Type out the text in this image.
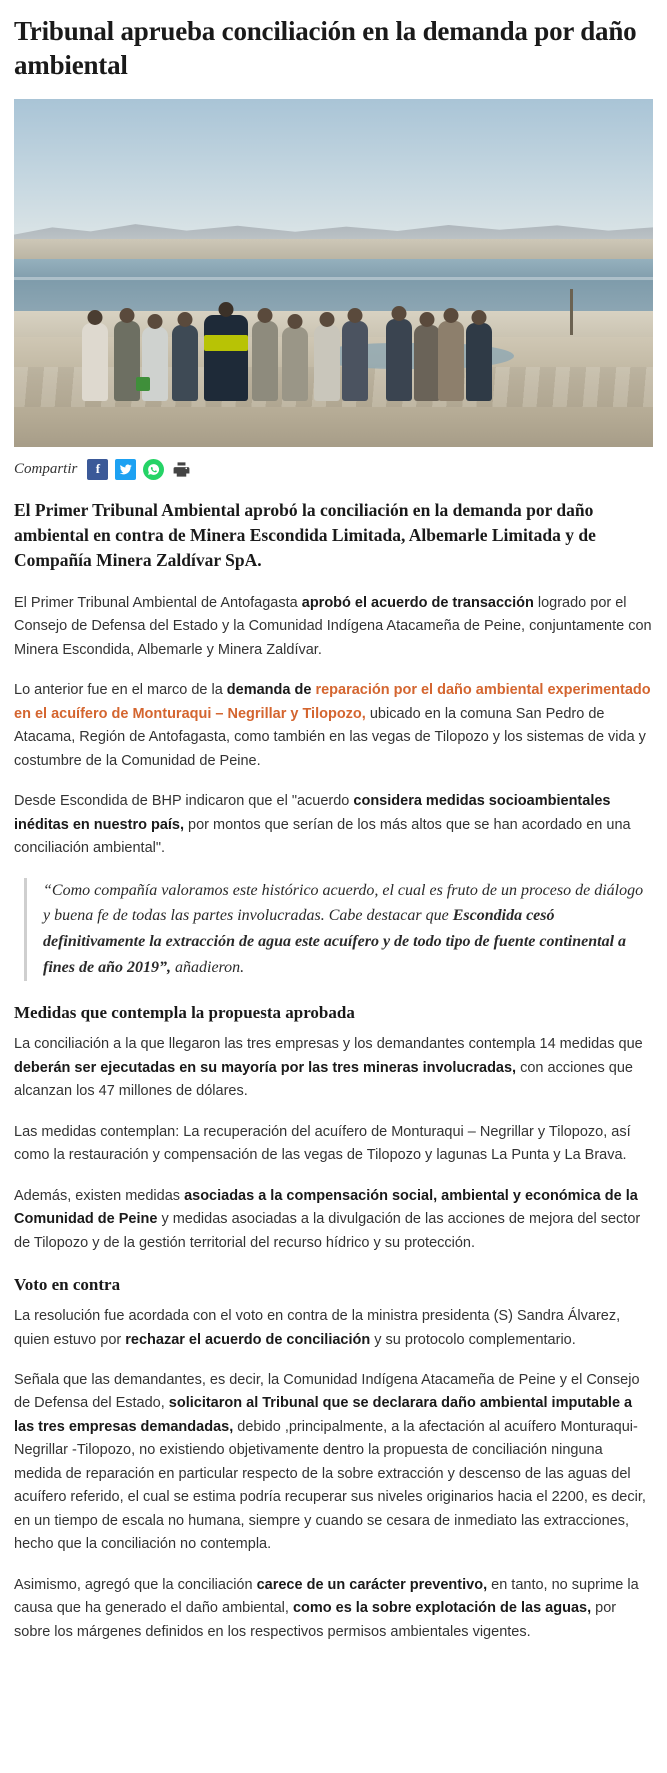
Tribunal aprueba conciliación en la demanda por daño ambiental
Compartir	f

El Primer Tribunal Ambiental aprobó la conciliación en la demanda por daño ambiental en contra de Minera Escondida Limitada, Albemarle Limitada y de Compañía Minera Zaldívar SpA.

El Primer Tribunal Ambiental de Antofagasta aprobó el acuerdo de transacción logrado por el Consejo de Defensa del Estado y la Comunidad Indígena Atacameña de Peine, conjuntamente con Minera Escondida, Albemarle y Minera Zaldívar.

Lo anterior fue en el marco de la demanda de reparación por el daño ambiental experimentado en el acuífero de Monturaqui – Negrillar y Tilopozo, ubicado en la comuna San Pedro de Atacama, Región de Antofagasta, como también en las vegas de Tilopozo y los sistemas de vida y costumbre de la Comunidad de Peine.

Desde Escondida de BHP indicaron que el "acuerdo considera medidas socioambientales inéditas en nuestro país, por montos que serían de los más altos que se han acordado en una conciliación ambiental".

“Como compañía valoramos este histórico acuerdo, el cual es fruto de un proceso de diálogo y buena fe de todas las partes involucradas. Cabe destacar que Escondida cesó definitivamente la extracción de agua este acuífero y de todo tipo de fuente continental a fines de año 2019”, añadieron.
Medidas que contempla la propuesta aprobada

La conciliación a la que llegaron las tres empresas y los demandantes contempla 14 medidas que deberán ser ejecutadas en su mayoría por las tres mineras involucradas, con acciones que alcanzan los 47 millones de dólares.

Las medidas contemplan: La recuperación del acuífero de Monturaqui – Negrillar y Tilopozo, así como la restauración y compensación de las vegas de Tilopozo y lagunas La Punta y La Brava.

Además, existen medidas asociadas a la compensación social, ambiental y económica de la Comunidad de Peine y medidas asociadas a la divulgación de las acciones de mejora del sector de Tilopozo y de la gestión territorial del recurso hídrico y su protección.

Voto en contra

La resolución fue acordada con el voto en contra de la ministra presidenta (S) Sandra Álvarez, quien estuvo por rechazar el acuerdo de conciliación y su protocolo complementario.

Señala que las demandantes, es decir, la Comunidad Indígena Atacameña de Peine y el Consejo de Defensa del Estado, solicitaron al Tribunal que se declarara daño ambiental imputable a las tres empresas demandadas, debido ,principalmente, a la afectación al acuífero Monturaqui-Negrillar -Tilopozo, no existiendo objetivamente dentro la propuesta de conciliación ninguna medida de reparación en particular respecto de la sobre extracción y descenso de las aguas del acuífero referido, el cual se estima podría recuperar sus niveles originarios hacia el 2200, es decir, en un tiempo de escala no humana, siempre y cuando se cesara de inmediato las extracciones, hecho que la conciliación no contempla.

Asimismo, agregó que la conciliación carece de un carácter preventivo, en tanto, no suprime la causa que ha generado el daño ambiental, como es la sobre explotación de las aguas, por sobre los márgenes definidos en los respectivos permisos ambientales vigentes.
